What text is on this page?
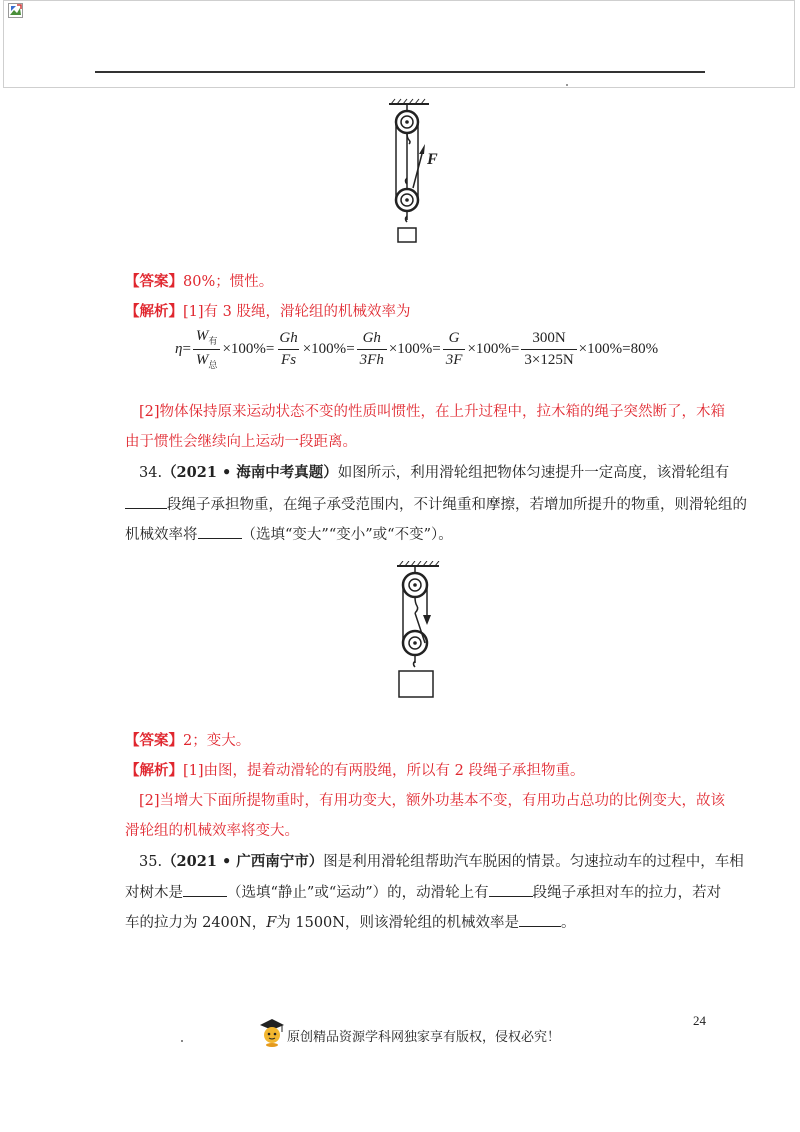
F
【答案】80%；惯性。
【解析】[1]有 3 股绳，滑轮组的机械效率为
$\eta = \frac{W_有}{W_总} \times 100\% = \frac{Gh}{Fs} \times 100\% = \frac{Gh}{3Fh} \times 100\% = \frac{G}{3F} \times 100\% = \frac{300N}{3\times 125N} \times 100\% = 80\%$
[2]物体保持原来运动状态不变的性质叫惯性，在上升过程中，拉木箱的绳子突然断了，木箱
由于惯性会继续向上运动一段距离。
34.（2021 • 海南中考真题）如图所示，利用滑轮组把物体匀速提升一定高度，该滑轮组有
段绳子承担物重，在绳子承受范围内，不计绳重和摩擦，若增加所提升的物重，则滑轮组的
机械效率将	（选填“变大”“变小”或“不变”）。
【答案】2；变大。
【解析】[1]由图，提着动滑轮的有两股绳，所以有 2 段绳子承担物重。
[2]当增大下面所提物重时，有用功变大，额外功基本不变，有用功占总功的比例变大，故该
滑轮组的机械效率将变大。
35.（2021 • 广西南宁市）图是利用滑轮组帮助汽车脱困的情景。匀速拉动车的过程中，车相
对树木是	（选填“静止”或“运动”）的，动滑轮上有	段绳子承担对车的拉力，若对
车的拉力为 2400N，F为 1500N，则该滑轮组的机械效率是	。
24
原创精品资源学科网独家享有版权，侵权必究！
